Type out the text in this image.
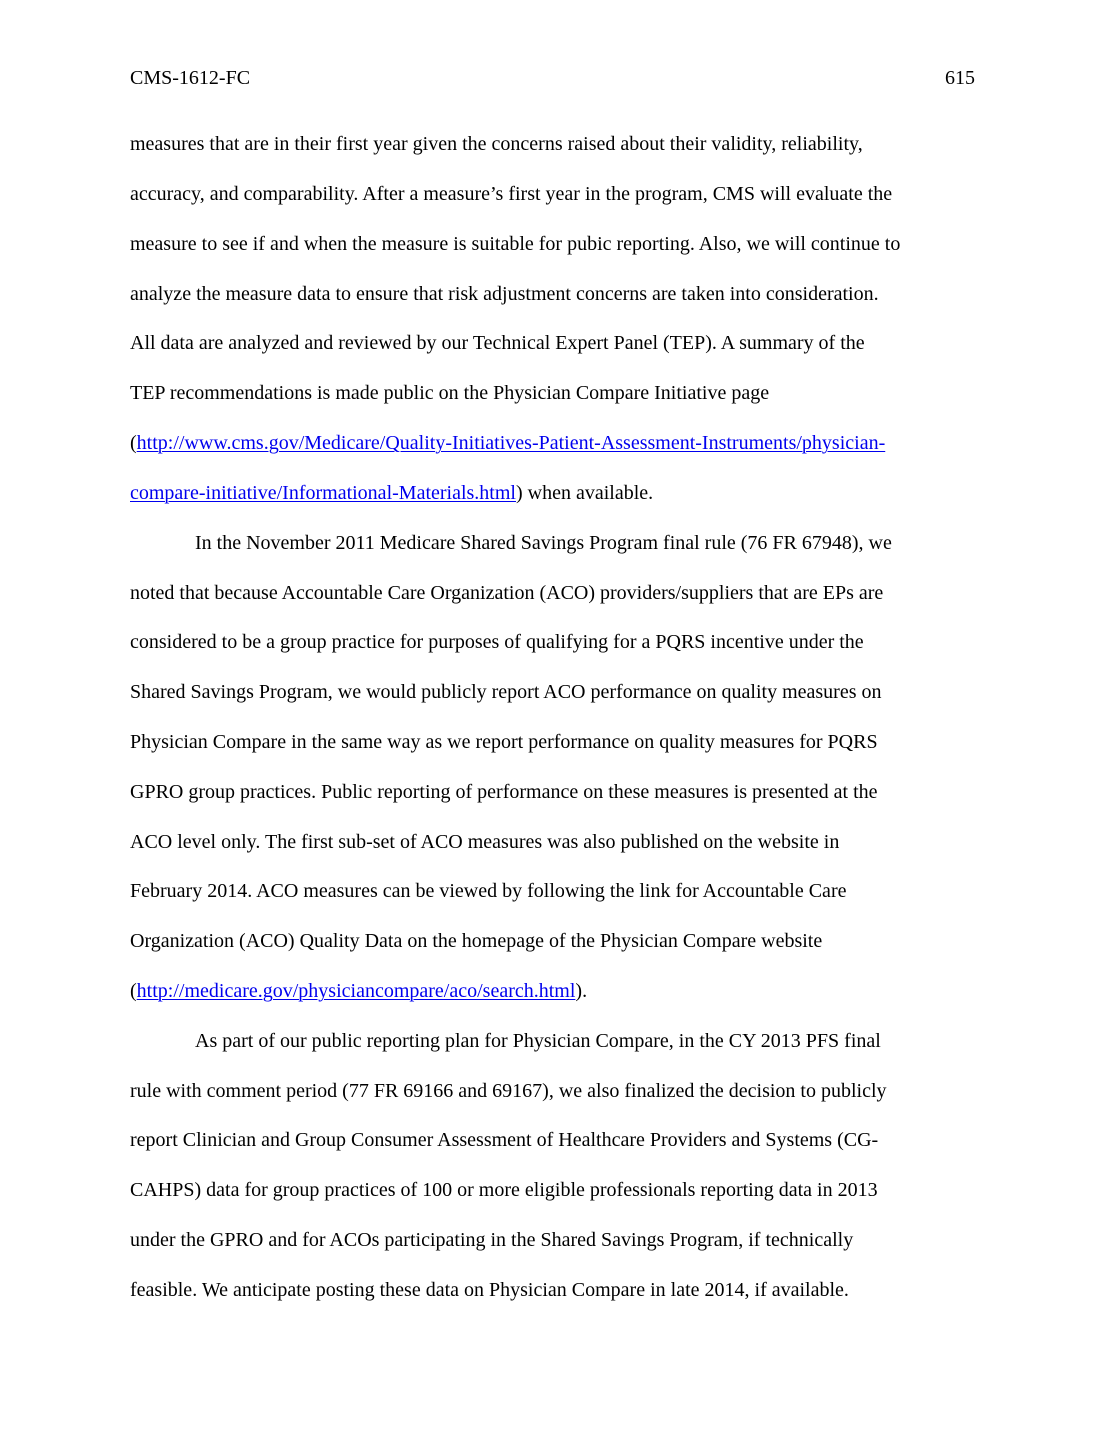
CMS-1612-FC	615
measures that are in their first year given the concerns raised about their validity, reliability,
accuracy, and comparability. After a measure’s first year in the program, CMS will evaluate the
measure to see if and when the measure is suitable for pubic reporting. Also, we will continue to
analyze the measure data to ensure that risk adjustment concerns are taken into consideration.
All data are analyzed and reviewed by our Technical Expert Panel (TEP). A summary of the
TEP recommendations is made public on the Physician Compare Initiative page
(http://www.cms.gov/Medicare/Quality-Initiatives-Patient-Assessment-Instruments/physician-
compare-initiative/Informational-Materials.html) when available.
In the November 2011 Medicare Shared Savings Program final rule (76 FR 67948), we
noted that because Accountable Care Organization (ACO) providers/suppliers that are EPs are
considered to be a group practice for purposes of qualifying for a PQRS incentive under the
Shared Savings Program, we would publicly report ACO performance on quality measures on
Physician Compare in the same way as we report performance on quality measures for PQRS
GPRO group practices. Public reporting of performance on these measures is presented at the
ACO level only. The first sub-set of ACO measures was also published on the website in
February 2014. ACO measures can be viewed by following the link for Accountable Care
Organization (ACO) Quality Data on the homepage of the Physician Compare website
(http://medicare.gov/physiciancompare/aco/search.html).
As part of our public reporting plan for Physician Compare, in the CY 2013 PFS final
rule with comment period (77 FR 69166 and 69167), we also finalized the decision to publicly
report Clinician and Group Consumer Assessment of Healthcare Providers and Systems (CG-
CAHPS) data for group practices of 100 or more eligible professionals reporting data in 2013
under the GPRO and for ACOs participating in the Shared Savings Program, if technically
feasible. We anticipate posting these data on Physician Compare in late 2014, if available.
